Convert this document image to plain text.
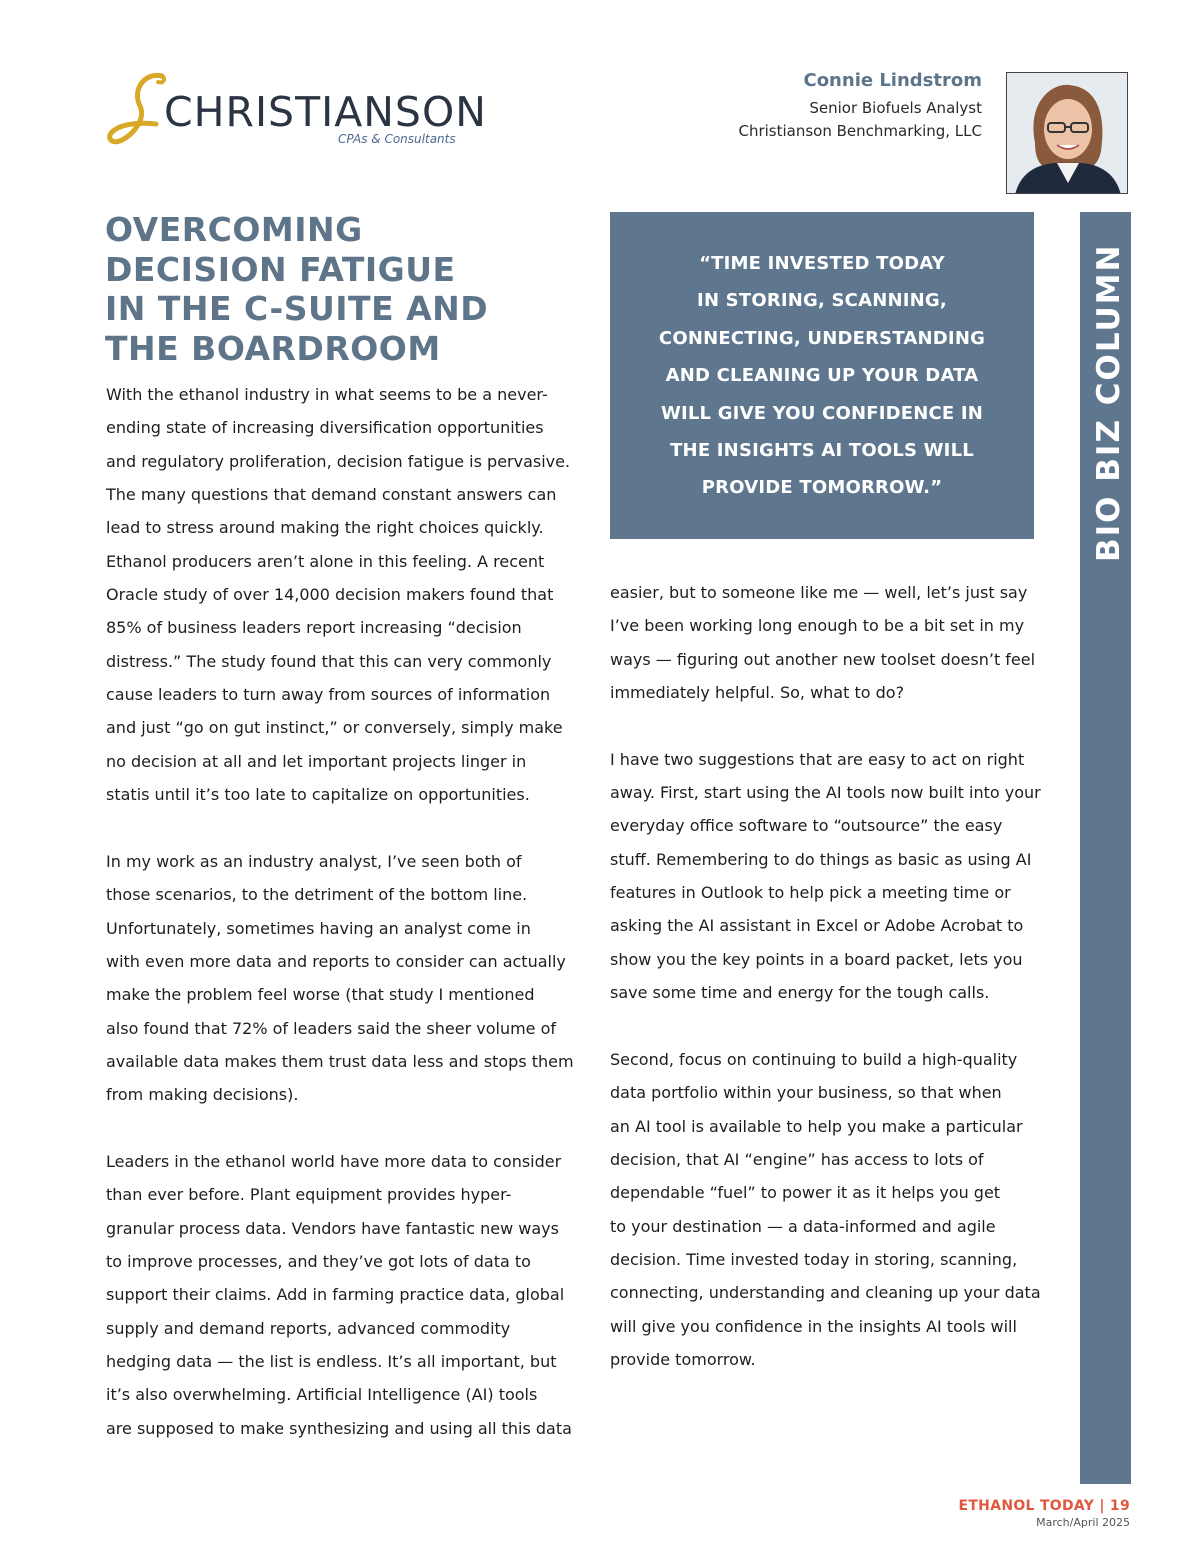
CHRISTIANSON
CPAs & Consultants
Connie Lindstrom
Senior Biofuels Analyst
Christianson Benchmarking, LLC
OVERCOMING
DECISION FATIGUE
IN THE C-SUITE AND
THE BOARDROOM

With the ethanol industry in what seems to be a never-
ending state of increasing diversification opportunities
and regulatory proliferation, decision fatigue is pervasive.
The many questions that demand constant answers can
lead to stress around making the right choices quickly.
Ethanol producers aren’t alone in this feeling. A recent
Oracle study of over 14,000 decision makers found that
85% of business leaders report increasing “decision
distress.” The study found that this can very commonly
cause leaders to turn away from sources of information
and just “go on gut instinct,” or conversely, simply make
no decision at all and let important projects linger in
statis until it’s too late to capitalize on opportunities.

In my work as an industry analyst, I’ve seen both of
those scenarios, to the detriment of the bottom line.
Unfortunately, sometimes having an analyst come in
with even more data and reports to consider can actually
make the problem feel worse (that study I mentioned
also found that 72% of leaders said the sheer volume of
available data makes them trust data less and stops them
from making decisions).

Leaders in the ethanol world have more data to consider
than ever before. Plant equipment provides hyper-
granular process data. Vendors have fantastic new ways
to improve processes, and they’ve got lots of data to
support their claims. Add in farming practice data, global
supply and demand reports, advanced commodity
hedging data — the list is endless. It’s all important, but
it’s also overwhelming. Artificial Intelligence (AI) tools
are supposed to make synthesizing and using all this data

“TIME INVESTED TODAY
IN STORING, SCANNING,
CONNECTING, UNDERSTANDING
AND CLEANING UP YOUR DATA
WILL GIVE YOU CONFIDENCE IN
THE INSIGHTS AI TOOLS WILL
PROVIDE TOMORROW.”

easier, but to someone like me — well, let’s just say
I’ve been working long enough to be a bit set in my
ways — figuring out another new toolset doesn’t feel
immediately helpful. So, what to do?

I have two suggestions that are easy to act on right
away. First, start using the AI tools now built into your
everyday office software to “outsource” the easy
stuff. Remembering to do things as basic as using AI
features in Outlook to help pick a meeting time or
asking the AI assistant in Excel or Adobe Acrobat to
show you the key points in a board packet, lets you
save some time and energy for the tough calls.

Second, focus on continuing to build a high-quality
data portfolio within your business, so that when
an AI tool is available to help you make a particular
decision, that AI “engine” has access to lots of
dependable “fuel” to power it as it helps you get
to your destination — a data-informed and agile
decision. Time invested today in storing, scanning,
connecting, understanding and cleaning up your data
will give you confidence in the insights AI tools will
provide tomorrow.

ETHANOL TODAY | 19
March/April 2025
